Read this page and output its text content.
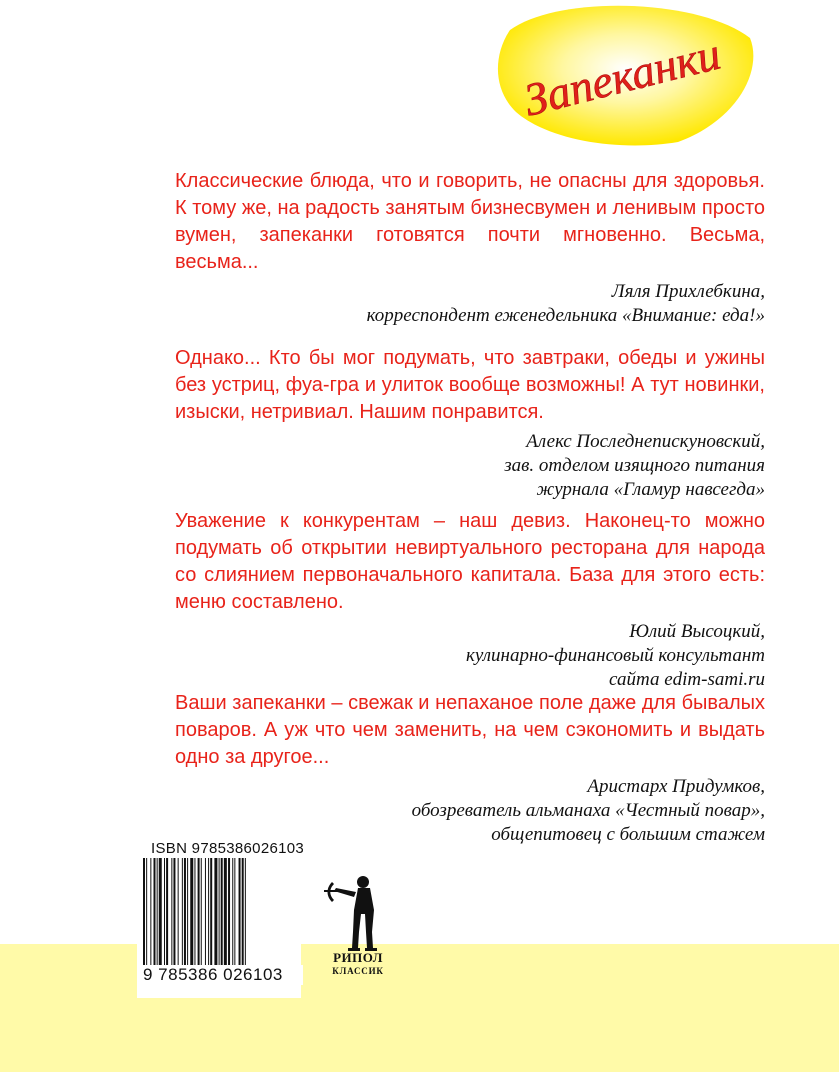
Запеканки

Классические блюда, что и говорить, не опасны для здоровья. К тому же, на радость занятым бизнесвумен и ленивым просто вумен, запеканки готовятся почти мгновенно. Весьма, весьма...

Ляля Прихлебкина,
корреспондент еженедельника «Внимание: еда!»

Однако... Кто бы мог подумать, что завтраки, обеды и ужины без устриц, фуа-гра и улиток вообще возможны! А тут новинки, изыски, нетривиал. Нашим понравится.

Алекс Последнепискуновский,
зав. отделом изящного питания
журнала «Гламур навсегда»

Уважение к конкурентам – наш девиз. Наконец-то можно подумать об открытии невиртуального ресторана для народа со слиянием первоначального капитала. База для этого есть: меню составлено.

Юлий Высоцкий,
кулинарно-финансовый консультант
сайта edim-sami.ru

Ваши запеканки – свежак и непаханое поле даже для бывалых поваров. А уж что чем заменить, на чем сэкономить и выдать одно за другое...

Аристарх Придумков,
обозреватель альманаха «Честный повар»,
общепитовец с большим стажем
ISBN 9785386026103
9 785386 026103
РИПОЛ
КЛАССИК
